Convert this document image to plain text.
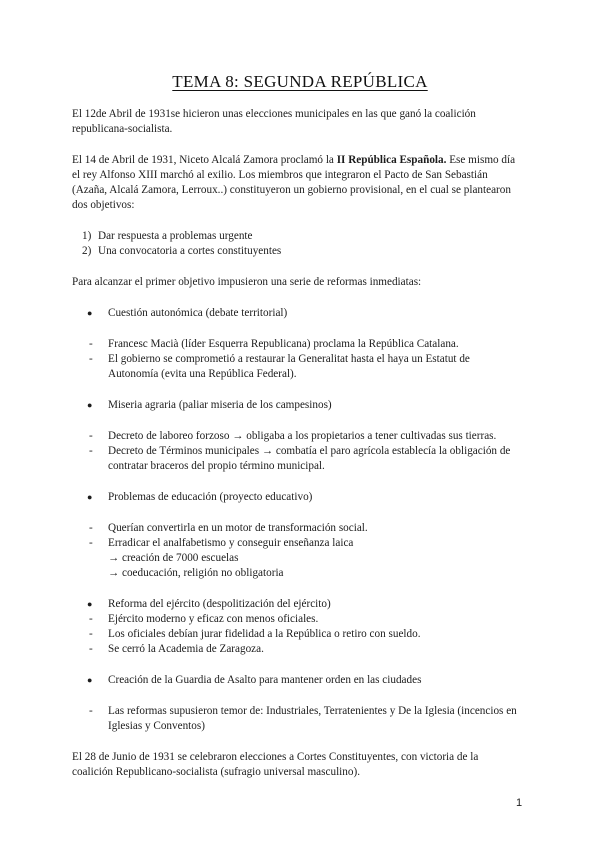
TEMA 8: SEGUNDA REPÚBLICA

El 12de Abril de 1931se hicieron unas elecciones municipales en las que ganó la coalición republicana-socialista.

El 14 de Abril de 1931, Niceto Alcalá Zamora proclamó la II República Española. Ese mismo día el rey Alfonso XIII marchó al exilio. Los miembros que integraron el Pacto de San Sebastián (Azaña, Alcalá Zamora, Lerroux..) constituyeron un gobierno provisional, en el cual se plantearon dos objetivos:

1) Dar respuesta a problemas urgente
2) Una convocatoria a cortes constituyentes

Para alcanzar el primer objetivo impusieron una serie de reformas inmediatas:

● Cuestión autonómica (debate territorial)
- Francesc Macià (líder Esquerra Republicana) proclama la República Catalana.
- El gobierno se comprometió a restaurar la Generalitat hasta el haya un Estatut de Autonomía (evita una República Federal).
● Miseria agraria (paliar miseria de los campesinos)
- Decreto de laboreo forzoso → obligaba a los propietarios a tener cultivadas sus tierras.
- Decreto de Términos municipales → combatía el paro agrícola establecía la obligación de contratar braceros del propio término municipal.
● Problemas de educación (proyecto educativo)
- Querían convertirla en un motor de transformación social.
- Erradicar el analfabetismo y conseguir enseñanza laica

→ creación de 7000 escuelas

→ coeducación, religión no obligatoria

● Reforma del ejército (despolitización del ejército)
- Ejército moderno y eficaz con menos oficiales.
- Los oficiales debían jurar fidelidad a la República o retiro con sueldo.
- Se cerró la Academia de Zaragoza.
● Creación de la Guardia de Asalto para mantener orden en las ciudades
- Las reformas supusieron temor de: Industriales, Terratenientes y De la Iglesia (incencios en Iglesias y Conventos)

El 28 de Junio de 1931 se celebraron elecciones a Cortes Constituyentes, con victoria de la coalición Republicano-socialista (sufragio universal masculino).

1
